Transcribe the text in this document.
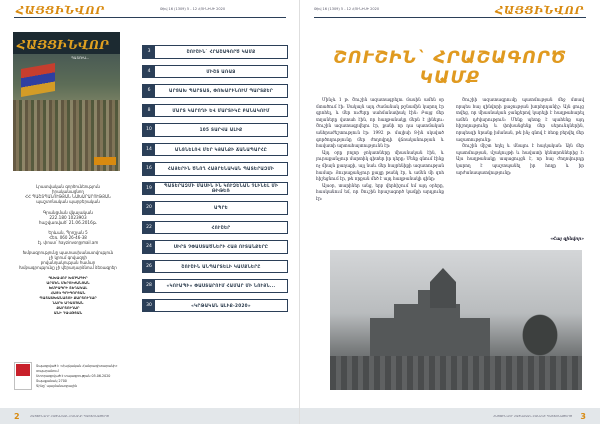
ՀԱՅՑԻՆՎՈՐ	Թիվ 16 (1309) 5 - 12 ՀՈՒՆԻՍԻ 2020
ՀԱՅՑԻՆՎՈՐ
ՊԱՏՈՒԱ...
Լրատվական գործունեություն
իրականացնող
ՀՀ ՊԱՇՏՊԱՆՈՒԹՅԱՆ ՆԱԽԱՐԱՐՈՒԹՅԱՆ
պաշտոնական պարբերական
Գրանցման վկայական
222.180 1023903
հաշվառված՝ 21.06.2016թ.
Երևան, Պրոշյան 5
Հեռ. 060 26-46-38
էլ. փոստ՝ hayzinvor@mail.am
Խմբագրությունը պատասխանատվություն
չի կրում գովազդի
բովանդակության համար
Խմբագրությունը չի վերադարձնում ձեռագրեր
ԳԼԽԱՎՈՐ ԽՄԲԱԳԻՐ
ԱՐՄԵՆ ՄԵՐՈՒԺԱՆՅԱՆ
ԽՄԲԱԳՐԻ ՏԵՂԱԿԱԼ
ՀԱՅԿ ԳՐԻԳՈՐՅԱՆ
ՊԱՏԱՍԽԱՆԱՏՈՒ ՔԱՐՏՈՒՂԱՐ
ՆԱՐԵ ԱԴԱՄՅԱՆ
ՔԱՐՏՈՒՂԱՐ
ԱՆԻ ԴԱՎԹՅԱՆ
Տպագրված է «Հայկական Հանրագիտարանի» տպարանում
Ստորագրված է տպագրության 05.06.2020
Տպաքանակ 2700
Գինը՝ պայմանագրային
3	ՇՈՒՇԻՆ` ՀՐԱՇԱԳՈՐԾ ԿԱՄՔ
4	ՄԻՇՏ ԱՌԱՋ
6	ԱՐՑԱԽ ՊԱՐՏԱՏ, ՓՈԽԱՐԻՆՈՒՄ ՊԱՐՏՔԵՐ
8	ՄԱՐՏ ԿԱՐՈՂԻ ԵՎ ՄԱՐՏԻԿԸ ԲԱՆԱԿՈՒՄ
10	105 ՏԱՐՎԱ ԱԼԻՔ
14	ԱՆՑՆԵԼՈՎ ՄԵՐ ԿՅԱՆՔԻ ՃԱՆԱՊԱՐՀԸ
16	ՀԱՅԵՐԻՆ ԾՆՈՂ ՀԱՅՐԵՆԱԿԱՆ ՊԱՏԵՐԱԶՄԻ
19	ՊԱՏԵՐԱԶՄԻ ՄԱՍԻՆ ԻՆ ԿՈՒԶԵՆԱՆ ՉԼԻՆԵԼ ՄԻ ԹԻԹԵՌ
20	ԱՊՐԵ
22	ՀՈՒՇԵՐ
24	ՍԻՐՏ ՉՓԱՍՏԱԾՆԵՐԻ ՀԱՅ ՈՒՏԱՆՔԵՐԸ
26	ՇՈՒՇԻՆ ԱՆՊԱՐՏԵԼԻ ԿԱՄՔՆԵՐԸ
28	«ԿՈՒԱՊԻ» ՓԱՍՏԱՐՈՒՄ ՀԱՄԱՐ ՄԻ ՆՈՒՅՆ...
30	«ԿՐԹԱԿԱՆ ԱԼԻՔ-2020»
2	ՀԱՅՑԻՆՎՈՐ ՀԱՅԿԱԿԱՆ ԲԱՆԱԿԻ ՊԱՇՏՈՆԱԹԵՐԹ
Թիվ 16 (1309) 5 - 12 ՀՈՒՆԻՍԻ 2020	ՀԱՅՑԻՆՎՈՐ
ՇՈՒՇԻՆ` ՀՐԱՇԱԳՈՐԾ ԿԱՄՔ

Մինչև 1 թ. Շուշին ազատագրելու մասին ամեն օր մտածում էի: Սակայն այդ ժամանակ թշնամին կարող էր գրոհել, և մեր ուժերը սահմանափակ էին: Բայց մեր տղաները վստահ էին, որ հաղթանակը մերն է լինելու: Շուշին ազատագրվելու էր, քանի որ դա պատմական անհրաժեշտություն էր: 1992 թ. մայիսի 8-ին սկսված գործողությունը մեր ժողովրդի վճռականության և հավատի արտահայտությունն էր:

Այդ օրը բոլոր ջոկատները միասնական էին, և յուրաքանչյուր մարտիկ գիտեր իր դերը: Մենք գնում էինք ոչ միայն քաղաքի, այլ նաև մեր հայրենիքի ազատության համար: Յուրաքանչյուր քայլը թանկ էր, և ամեն մի զոհ հիշեցնում էր, թե որքան մեծ է այդ հաղթանակի գինը:

Այսօր, տարիներ անց, երբ վերհիշում եմ այդ օրերը, հասկանում եմ, որ Շուշին հրաշագործ կամքի արդյունք էր:

Շուշիի ազատագրումը պատմության մեջ մտավ որպես հայ զինվորի քաջության խորհրդանիշ: Այն ցույց տվեց, որ միասնական ջանքերով կարելի է հաղթահարել ամեն դժվարություն: Մենք պետք է պահենք այդ հիշողությունը և փոխանցենք մեր սերունդներին, որպեսզի նրանք իմանան, թե ինչ գնով է ձեռք բերվել մեր ազատությունը:

Շուշին միշտ եղել և մնալու է հայկական: Այն մեր պատմության, մշակույթի և հավատի կենտրոններից է: Այս հաղթանակը ապացույցն է, որ հայ ժողովուրդը կարող է պաշտպանել իր հողը և իր արժանապատվությունը:

«Հայ զինվոր»
ՀԱՅՑԻՆՎՈՐ ՀԱՅԿԱԿԱՆ ԲԱՆԱԿԻ ՊԱՇՏՈՆԱԹԵՐԹ 3
